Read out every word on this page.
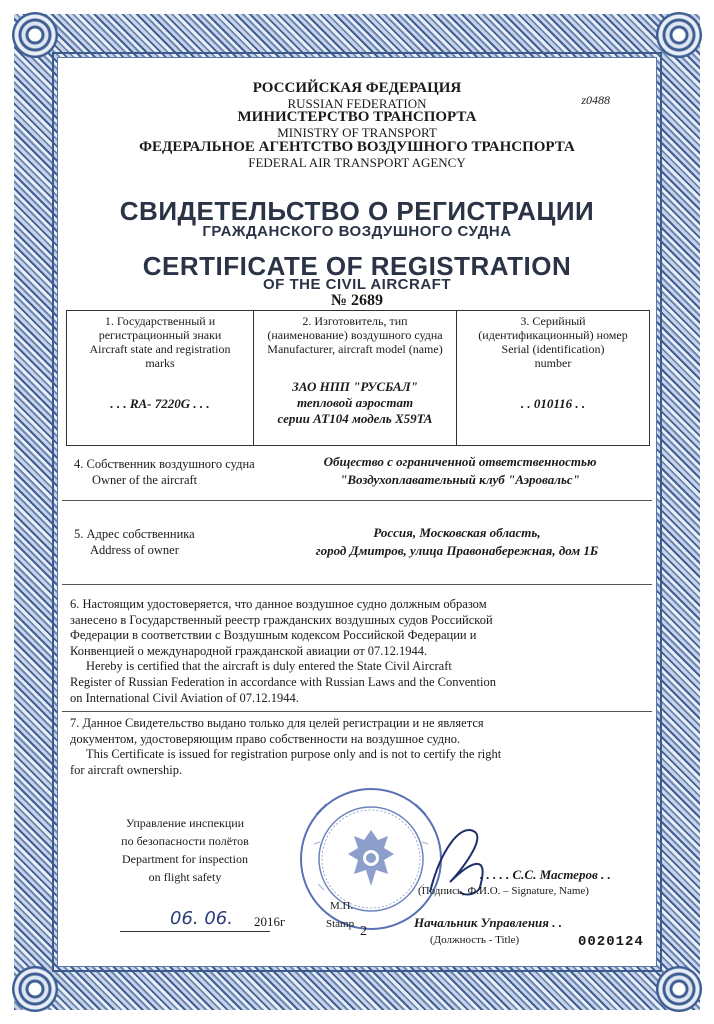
z0488
РОССИЙСКАЯ ФЕДЕРАЦИЯ
RUSSIAN FEDERATION
МИНИСТЕРСТВО ТРАНСПОРТА
MINISTRY OF TRANSPORT
ФЕДЕРАЛЬНОЕ АГЕНТСТВО ВОЗДУШНОГО ТРАНСПОРТА
FEDERAL AIR TRANSPORT AGENCY
СВИДЕТЕЛЬСТВО О РЕГИСТРАЦИИ
ГРАЖДАНСКОГО ВОЗДУШНОГО СУДНА
CERTIFICATE OF REGISTRATION
OF THE CIVIL AIRCRAFT
№ 2689
1. Государственный и
регистрационный знаки
Aircraft state and registration
marks
. . . RA- 7220G . . .
2. Изготовитель, тип
(наименование) воздушного судна
Manufacturer, aircraft model (name)
ЗАО НПП "РУСБАЛ"
тепловой аэростат
серии АТ104 модель Х59ТА
3. Серийный
(идентификационный) номер
Serial (identification)
number
. . 010116 . .
4. Собственник воздушного судна
Owner of the aircraft
Общество с ограниченной ответственностью
"Воздухоплавательный клуб "Аэровальс"
5. Адрес собственника
Address of owner
Россия, Московская область,
город Дмитров, улица Правонабережная, дом 1Б
6. Настоящим удостоверяется, что данное воздушное судно должным образом
занесено в Государственный реестр гражданских воздушных судов Российской
Федерации в соответствии с Воздушным кодексом Российской Федерации и
Конвенцией о международной гражданской авиации от 07.12.1944.
Hereby is certified that the aircraft is duly entered the State Civil Aircraft
Register of Russian Federation in accordance with Russian Laws and the Convention
on International Civil Aviation of 07.12.1944.
7. Данное Свидетельство выдано только для целей регистрации и не является
документом, удостоверяющим право собственности на воздушное судно.
This Certificate is issued for registration purpose only and is not to certify the right
for aircraft ownership.
Управление инспекции
по безопасности полётов
Department for inspection
on flight safety	. . . . . С.С. Мастеров . .
(Подпись, Ф.И.О. – Signature, Name)
06. 06. 2016г
М.П.
Stamp 2
Начальник Управления . .
(Должность - Title)	0020124
